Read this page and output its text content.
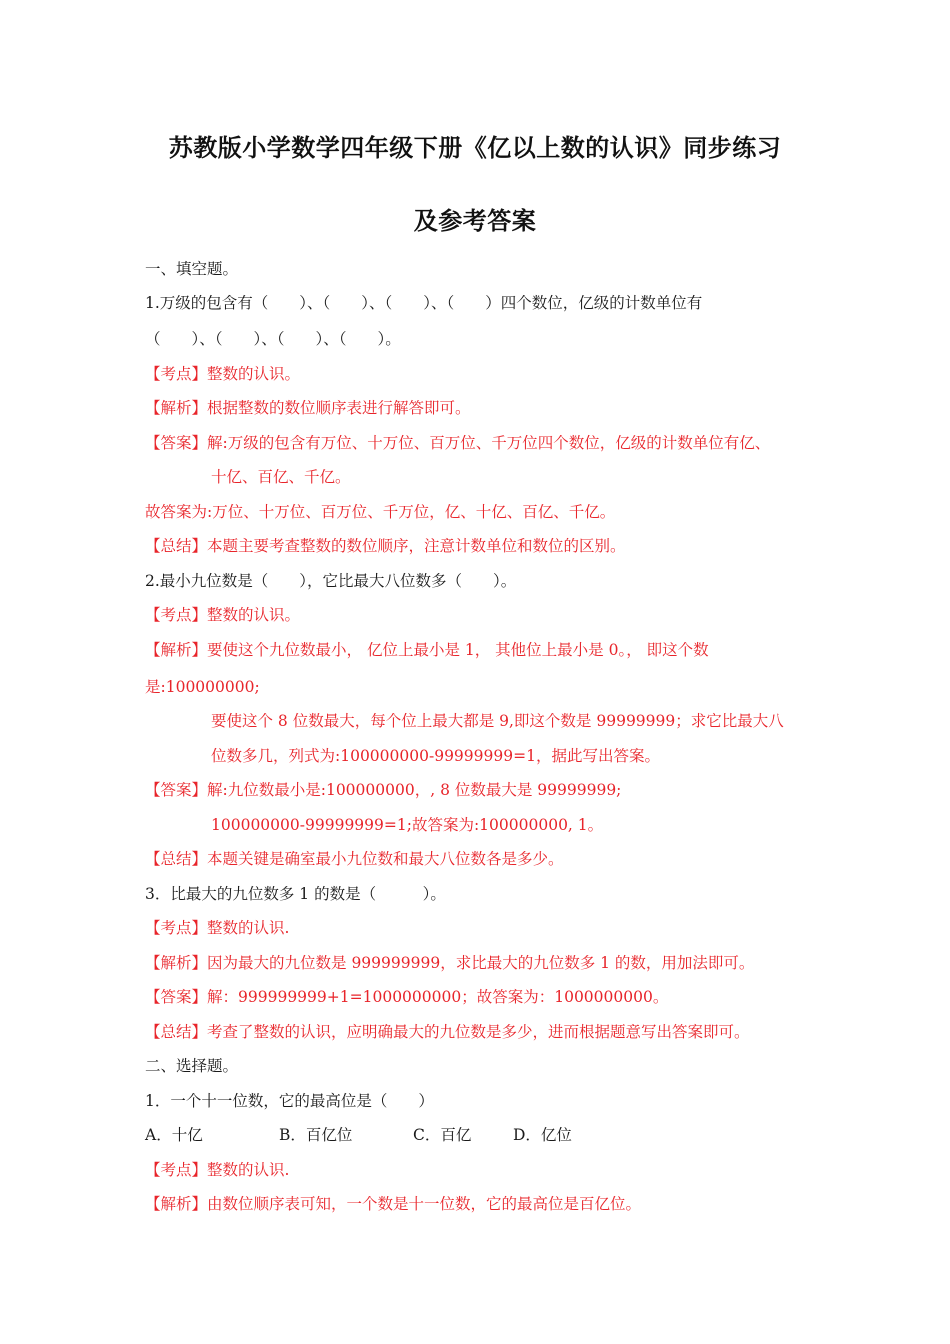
苏教版小学数学四年级下册《亿以上数的认识》同步练习
及参考答案
一、填空题。
1.万级的包含有（　　）、（　　）、（　　）、（　　）四个数位，亿级的计数单位有
（　　）、（　　）、（　　）、（　　）。
【考点】整数的认识。
【解析】根据整数的数位顺序表进行解答即可。
【答案】解:万级的包含有万位、十万位、百万位、千万位四个数位，亿级的计数单位有亿、
十亿、百亿、千亿。
故答案为:万位、十万位、百万位、千万位，亿、十亿、百亿、千亿。
【总结】本题主要考查整数的数位顺序，注意计数单位和数位的区别。
2.最小九位数是（　　），它比最大八位数多（　　）。
【考点】整数的认识。
【解析】要使这个九位数最小， 亿位上最小是 1， 其他位上最小是 0。， 即这个数
是:100000000;
要使这个 8 位数最大，每个位上最大都是 9,即这个数是 99999999；求它比最大八
位数多几，列式为:100000000-99999999=1，据此写出答案。
【答案】解:九位数最小是:100000000，, 8 位数最大是 99999999;
100000000-99999999=1;故答案为:100000000, 1。
【总结】本题关键是确室最小九位数和最大八位数各是多少。
3．比最大的九位数多 1 的数是（　　　）。
【考点】整数的认识.
【解析】因为最大的九位数是 999999999，求比最大的九位数多 1 的数，用加法即可。
【答案】解：999999999+1=1000000000；故答案为：1000000000。
【总结】考查了整数的认识，应明确最大的九位数是多少，进而根据题意写出答案即可。
二、选择题。
1．一个十一位数，它的最高位是（　　）
A．十亿	B．百亿位	C．百亿	D．亿位
【考点】整数的认识.
【解析】由数位顺序表可知，一个数是十一位数，它的最高位是百亿位。
